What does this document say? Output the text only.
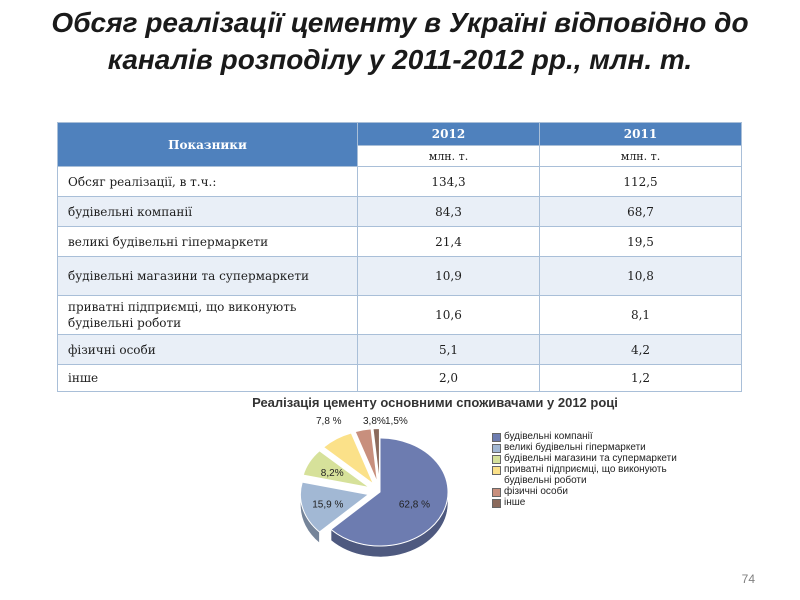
Обсяг реалізації цементу в Україні відповідно до каналів розподілу у 2011-2012 рр., млн. т.
Показники	2012	2011
	млн. т.	млн. т.
Обсяг реалізації, в т.ч.:	134,3	112,5
будівельні компанії	84,3	68,7
великі будівельні гіпермаркети	21,4	19,5
будівельні магазини та супермаркети	10,9	10,8
приватні підприємці, що виконують будівельні роботи	10,6	8,1
фізичні особи	5,1	4,2
інше	2,0	1,2
Реалізація цементу основними споживачами у 2012 році
62,8 %
15,9 %
8,2%
7,8 % 3,8% 1,5%
будівельні компанії
великі будівельні гіпермаркети
будівельні магазини та супермаркети
приватні підприємці, що виконують будівельні роботи
фізичні особи
інше
74
